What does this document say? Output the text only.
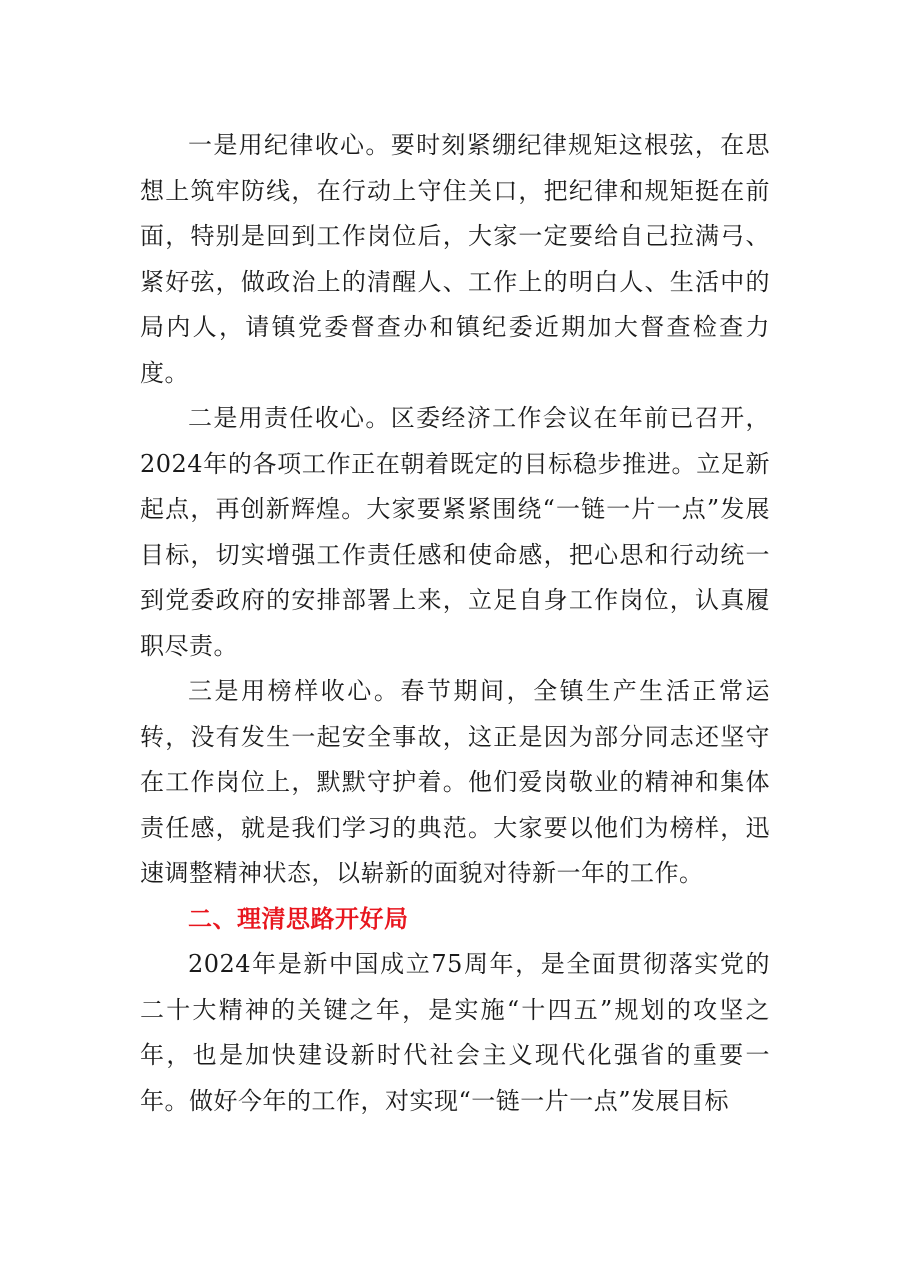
一是用纪律收心。要时刻紧绷纪律规矩这根弦，在思想上筑牢防线，在行动上守住关口，把纪律和规矩挺在前面，特别是回到工作岗位后，大家一定要给自己拉满弓、紧好弦，做政治上的清醒人、工作上的明白人、生活中的局内人，请镇党委督查办和镇纪委近期加大督查检查力度。

二是用责任收心。区委经济工作会议在年前已召开，2024年的各项工作正在朝着既定的目标稳步推进。立足新起点，再创新辉煌。大家要紧紧围绕“一链一片一点”发展目标，切实增强工作责任感和使命感，把心思和行动统一到党委政府的安排部署上来，立足自身工作岗位，认真履职尽责。

三是用榜样收心。春节期间，全镇生产生活正常运转，没有发生一起安全事故，这正是因为部分同志还坚守在工作岗位上，默默守护着。他们爱岗敬业的精神和集体责任感，就是我们学习的典范。大家要以他们为榜样，迅速调整精神状态，以崭新的面貌对待新一年的工作。

二、理清思路开好局

2024年是新中国成立75周年，是全面贯彻落实党的二十大精神的关键之年，是实施“十四五”规划的攻坚之年，也是加快建设新时代社会主义现代化强省的重要一年。做好今年的工作，对实现“一链一片一点”发展目标
